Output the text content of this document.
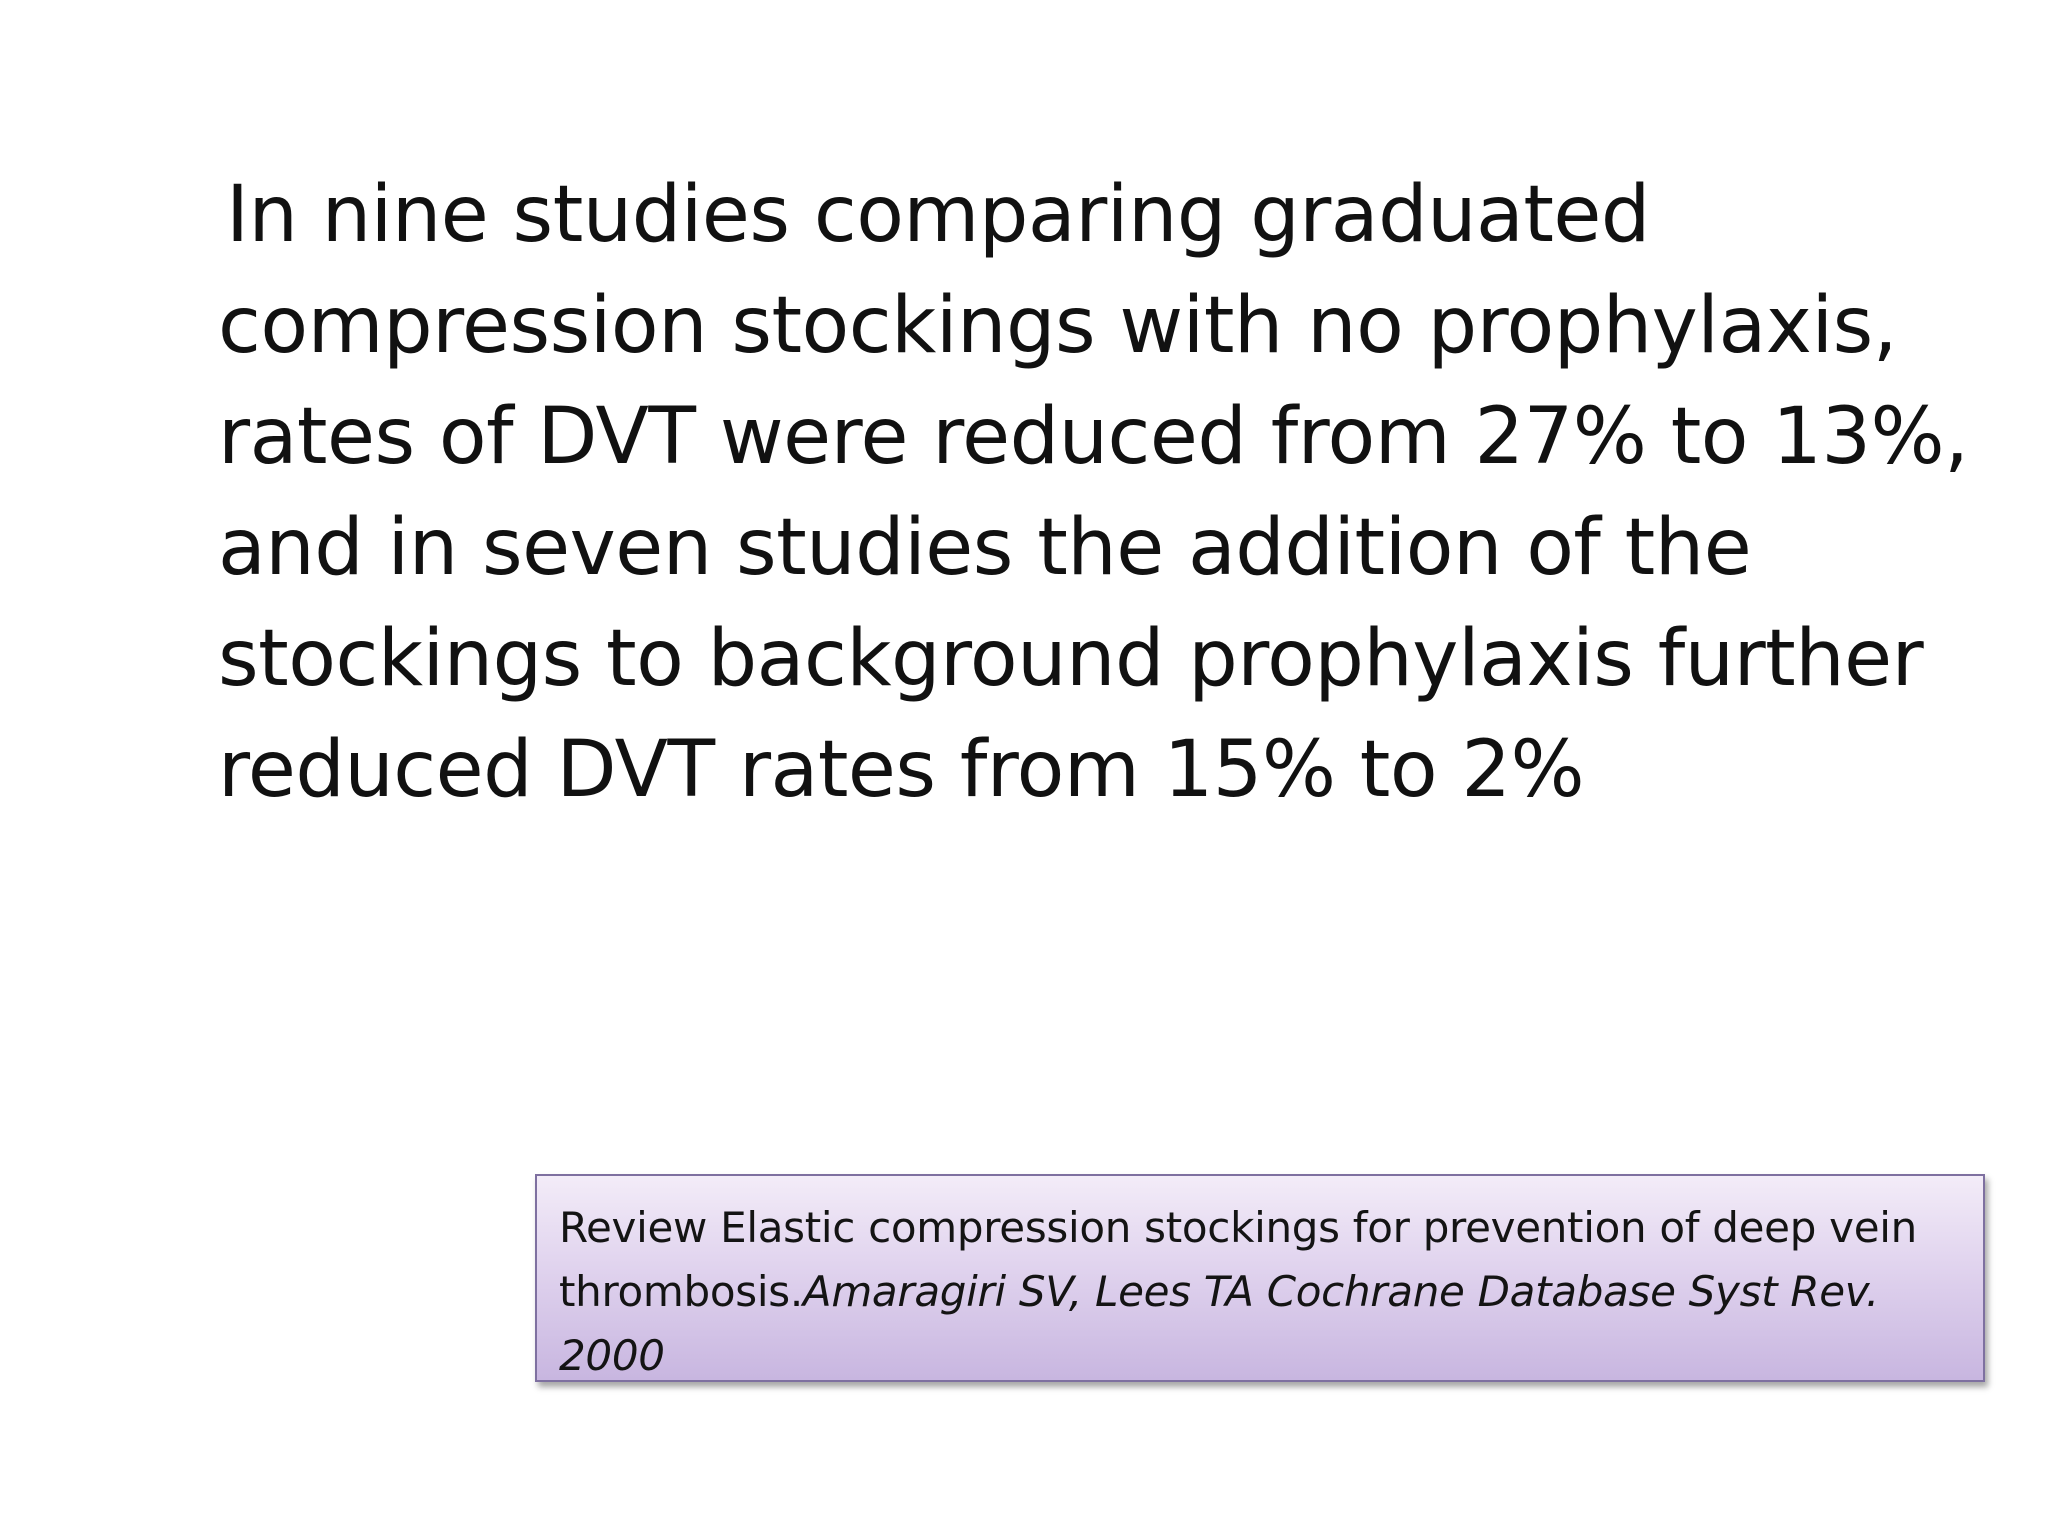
In nine studies comparing graduated
compression stockings with no prophylaxis,
rates of DVT were reduced from 27% to 13%,
and in seven studies the addition of the
stockings to background prophylaxis further
reduced DVT rates from 15% to 2%

Review Elastic compression stockings for prevention of deep vein thrombosis.Amaragiri SV, Lees TA Cochrane Database Syst Rev. 2000
